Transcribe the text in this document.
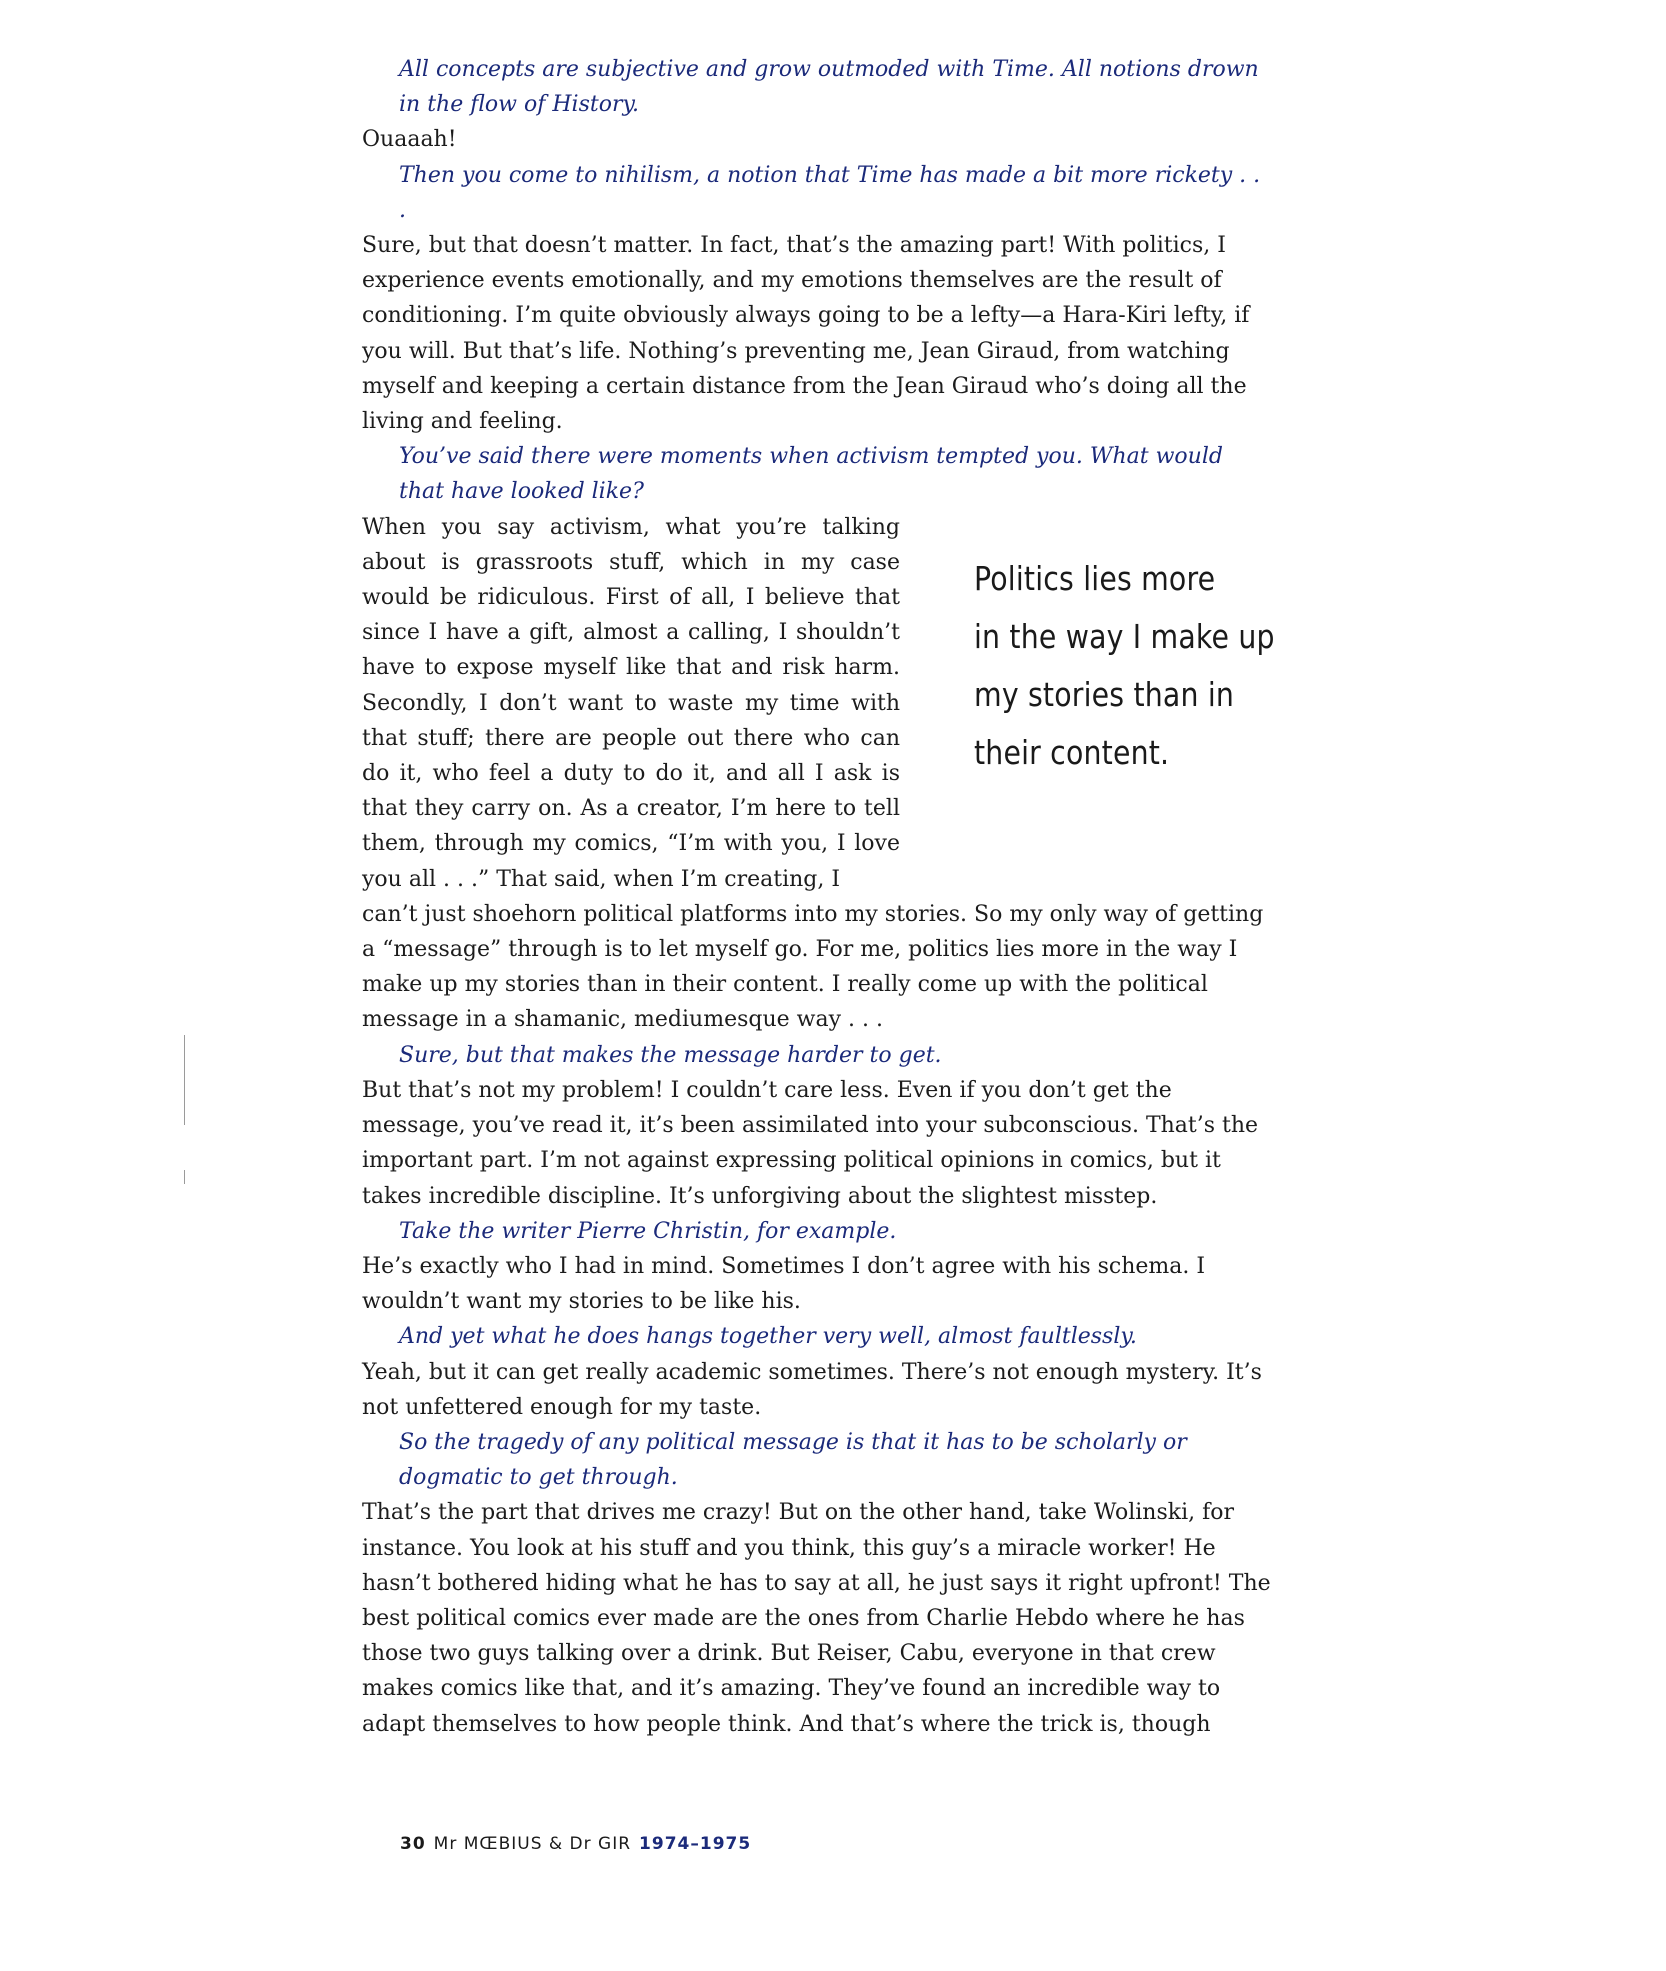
All concepts are subjective and grow outmoded with Time. All notions drown in the flow of History.

Ouaaah!

Then you come to nihilism, a notion that Time has made a bit more rickety . . .

Sure, but that doesn’t matter. In fact, that’s the amazing part! With politics, I experience events emotionally, and my emotions themselves are the result of conditioning. I’m quite obviously always going to be a lefty—a Hara-Kiri lefty, if you will. But that’s life. Nothing’s preventing me, Jean Giraud, from watching myself and keeping a certain distance from the Jean Giraud who’s doing all the living and feeling.

You’ve said there were moments when activism tempted you. What would that have looked like?

When you say activism, what you’re talking about is grassroots stuff, which in my case would be ridiculous. First of all, I believe that since I have a gift, almost a calling, I shouldn’t have to expose myself like that and risk harm. Secondly, I don’t want to waste my time with that stuff; there are people out there who can do it, who feel a duty to do it, and all I ask is that they carry on. As a creator, I’m here to tell them, through my comics, “I’m with you, I love you all . . .” That said, when I’m creating, I

Politics lies more
in the way I make up
my stories than in
their content.

can’t just shoehorn political platforms into my stories. So my only way of getting a “message” through is to let myself go. For me, politics lies more in the way I make up my stories than in their content. I really come up with the political message in a shamanic, mediumesque way . . .

Sure, but that makes the message harder to get.

But that’s not my problem! I couldn’t care less. Even if you don’t get the message, you’ve read it, it’s been assimilated into your subconscious. That’s the important part. I’m not against expressing political opinions in comics, but it takes incredible discipline. It’s unforgiving about the slightest misstep.

Take the writer Pierre Christin, for example.

He’s exactly who I had in mind. Sometimes I don’t agree with his schema. I wouldn’t want my stories to be like his.

And yet what he does hangs together very well, almost faultlessly.

Yeah, but it can get really academic sometimes. There’s not enough mystery. It’s not unfettered enough for my taste.

So the tragedy of any political message is that it has to be scholarly or dogmatic to get through.

That’s the part that drives me crazy! But on the other hand, take Wolinski, for instance. You look at his stuff and you think, this guy’s a miracle worker! He hasn’t bothered hiding what he has to say at all, he just says it right upfront! The best political comics ever made are the ones from Charlie Hebdo where he has those two guys talking over a drink. But Reiser, Cabu, everyone in that crew makes comics like that, and it’s amazing. They’ve found an incredible way to adapt themselves to how people think. And that’s where the trick is, though

30 Mr MŒBIUS & Dr GIR 1974–1975
